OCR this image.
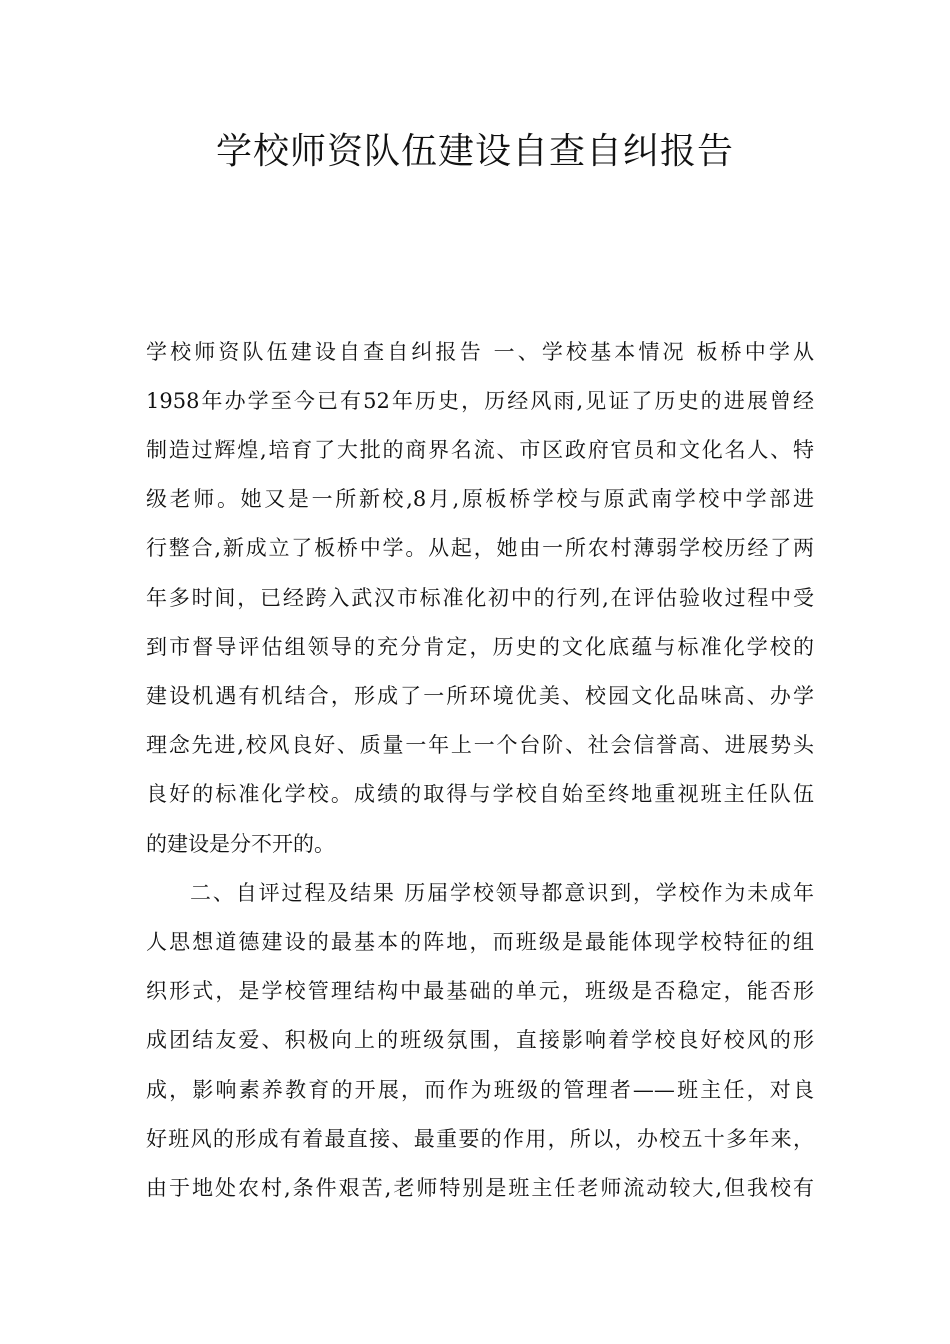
学校师资队伍建设自查自纠报告
学校师资队伍建设自查自纠报告 一、学校基本情况 板桥中学从
1958年办学至今已有52年历史，历经风雨,见证了历史的进展曾经
制造过辉煌,培育了大批的商界名流、市区政府官员和文化名人、特
级老师。她又是一所新校,8月,原板桥学校与原武南学校中学部进
行整合,新成立了板桥中学。从起，她由一所农村薄弱学校历经了两
年多时间，已经跨入武汉市标准化初中的行列,在评估验收过程中受
到市督导评估组领导的充分肯定，历史的文化底蕴与标准化学校的
建设机遇有机结合，形成了一所环境优美、校园文化品味高、办学
理念先进,校风良好、质量一年上一个台阶、社会信誉高、进展势头
良好的标准化学校。成绩的取得与学校自始至终地重视班主任队伍
的建设是分不开的。
二、自评过程及结果 历届学校领导都意识到，学校作为未成年
人思想道德建设的最基本的阵地，而班级是最能体现学校特征的组
织形式，是学校管理结构中最基础的单元，班级是否稳定，能否形
成团结友爱、积极向上的班级氛围，直接影响着学校良好校风的形
成，影响素养教育的开展，而作为班级的管理者——班主任，对良
好班风的形成有着最直接、最重要的作用，所以，办校五十多年来，
由于地处农村,条件艰苦,老师特别是班主任老师流动较大,但我校有
